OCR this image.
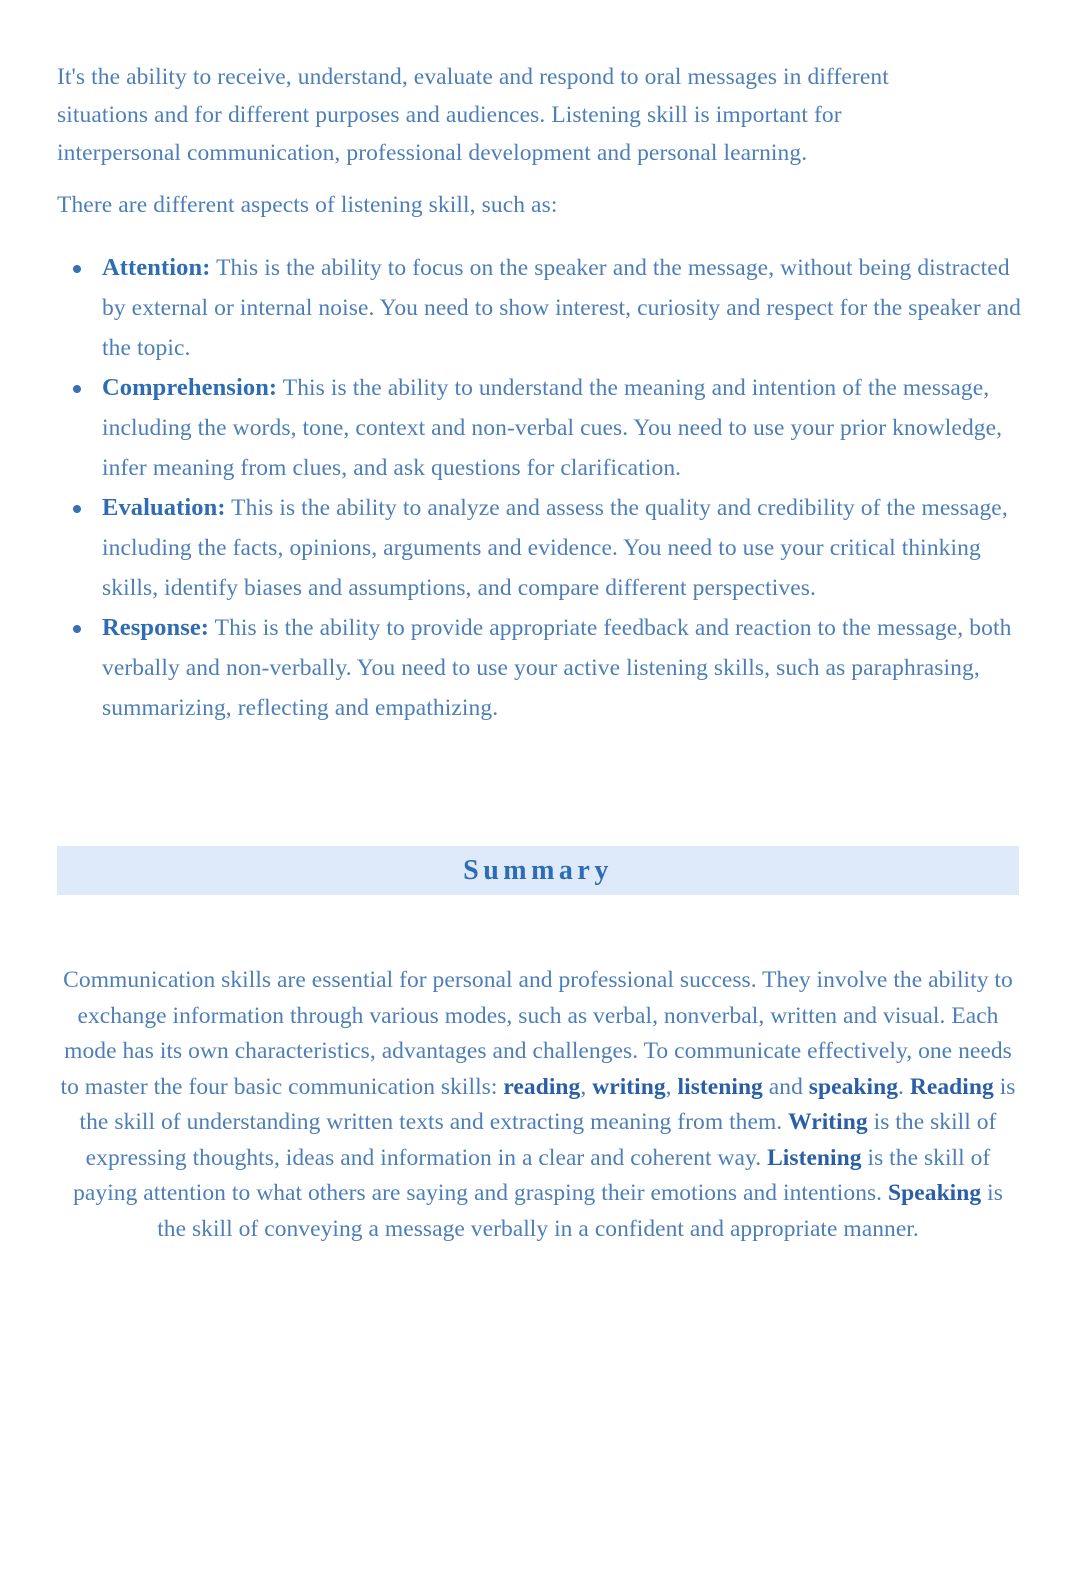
It's the ability to receive, understand, evaluate and respond to oral messages in different situations and for different purposes and audiences. Listening skill is important for interpersonal communication, professional development and personal learning.

There are different aspects of listening skill, such as:

Attention: This is the ability to focus on the speaker and the message, without being distracted by external or internal noise. You need to show interest, curiosity and respect for the speaker and the topic.
Comprehension: This is the ability to understand the meaning and intention of the message, including the words, tone, context and non-verbal cues. You need to use your prior knowledge, infer meaning from clues, and ask questions for clarification.
Evaluation: This is the ability to analyze and assess the quality and credibility of the message, including the facts, opinions, arguments and evidence. You need to use your critical thinking skills, identify biases and assumptions, and compare different perspectives.
Response: This is the ability to provide appropriate feedback and reaction to the message, both verbally and non-verbally. You need to use your active listening skills, such as paraphrasing, summarizing, reflecting and empathizing.
Summary
Communication skills are essential for personal and professional success. They involve the ability to exchange information through various modes, such as verbal, nonverbal, written and visual. Each mode has its own characteristics, advantages and challenges. To communicate effectively, one needs to master the four basic communication skills: reading, writing, listening and speaking. Reading is the skill of understanding written texts and extracting meaning from them. Writing is the skill of expressing thoughts, ideas and information in a clear and coherent way. Listening is the skill of paying attention to what others are saying and grasping their emotions and intentions. Speaking is the skill of conveying a message verbally in a confident and appropriate manner.
